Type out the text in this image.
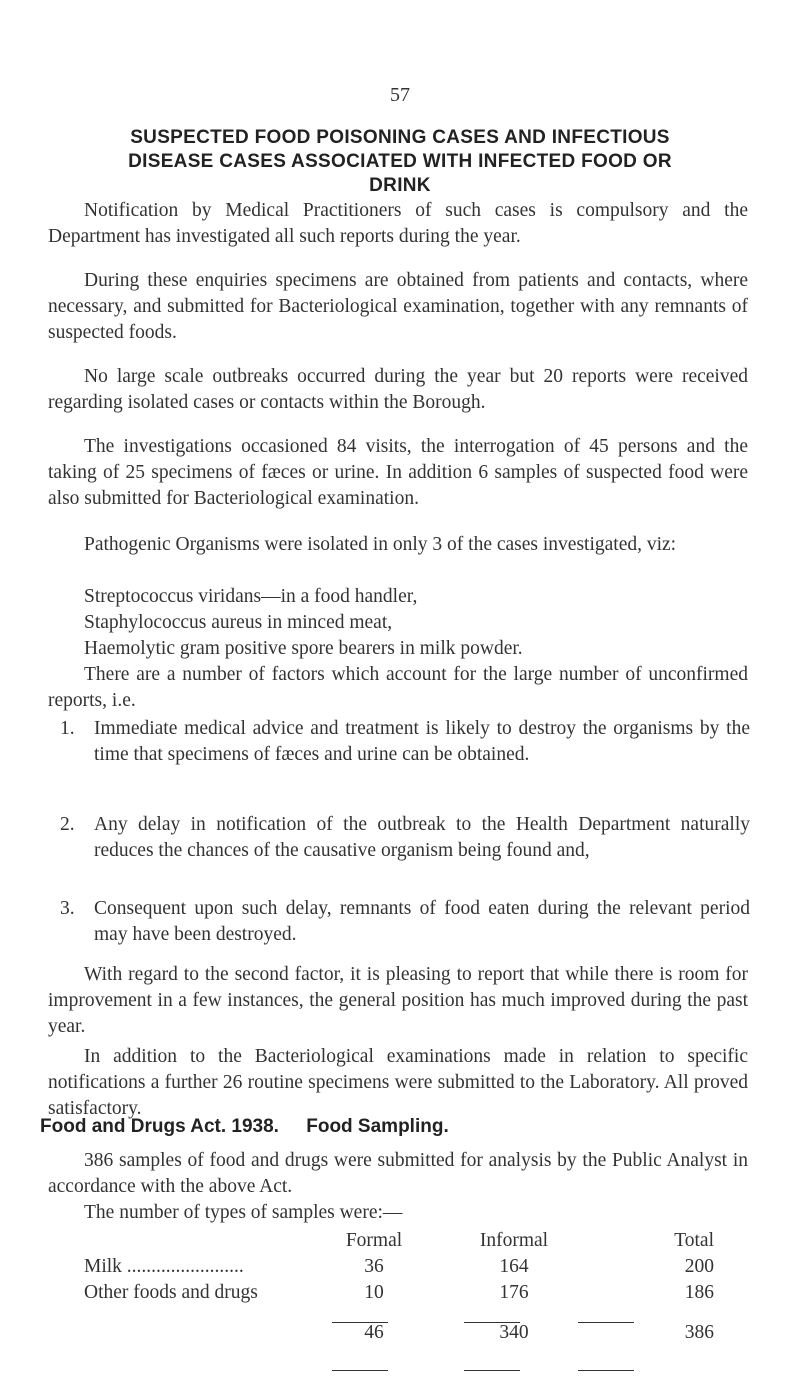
57
SUSPECTED FOOD POISONING CASES AND INFECTIOUS
DISEASE CASES ASSOCIATED WITH INFECTED FOOD OR
DRINK

Notification by Medical Practitioners of such cases is compulsory and the Department has investigated all such reports during the year.

During these enquiries specimens are obtained from patients and contacts, where necessary, and submitted for Bacteriological examination, together with any remnants of suspected foods.

No large scale outbreaks occurred during the year but 20 reports were received regarding isolated cases or contacts within the Borough.

The investigations occasioned 84 visits, the interrogation of 45 persons and the taking of 25 specimens of fæces or urine. In addition 6 samples of suspected food were also submitted for Bacteriological examination.

Pathogenic Organisms were isolated in only 3 of the cases investigated, viz:

Streptococcus viridans—in a food handler,
Staphylococcus aureus in minced meat,
Haemolytic gram positive spore bearers in milk powder.

There are a number of factors which account for the large number of unconfirmed reports, i.e.

1. Immediate medical advice and treatment is likely to destroy the organisms by the time that specimens of fæces and urine can be obtained.
2. Any delay in notification of the outbreak to the Health Department naturally reduces the chances of the causative organism being found and,
3. Consequent upon such delay, remnants of food eaten during the relevant period may have been destroyed.

With regard to the second factor, it is pleasing to report that while there is room for improvement in a few instances, the general position has much improved during the past year.

In addition to the Bacteriological examinations made in relation to specific notifications a further 26 routine specimens were submitted to the Laboratory. All proved satisfactory.

Food and Drugs Act. 1938. Food Sampling.

386 samples of food and drugs were submitted for analysis by the Public Analyst in accordance with the above Act.

The number of types of samples were:—

	Formal	Informal	Total
Milk ........................	36	164	200
Other foods and drugs	10	176	186

	46	340	386
